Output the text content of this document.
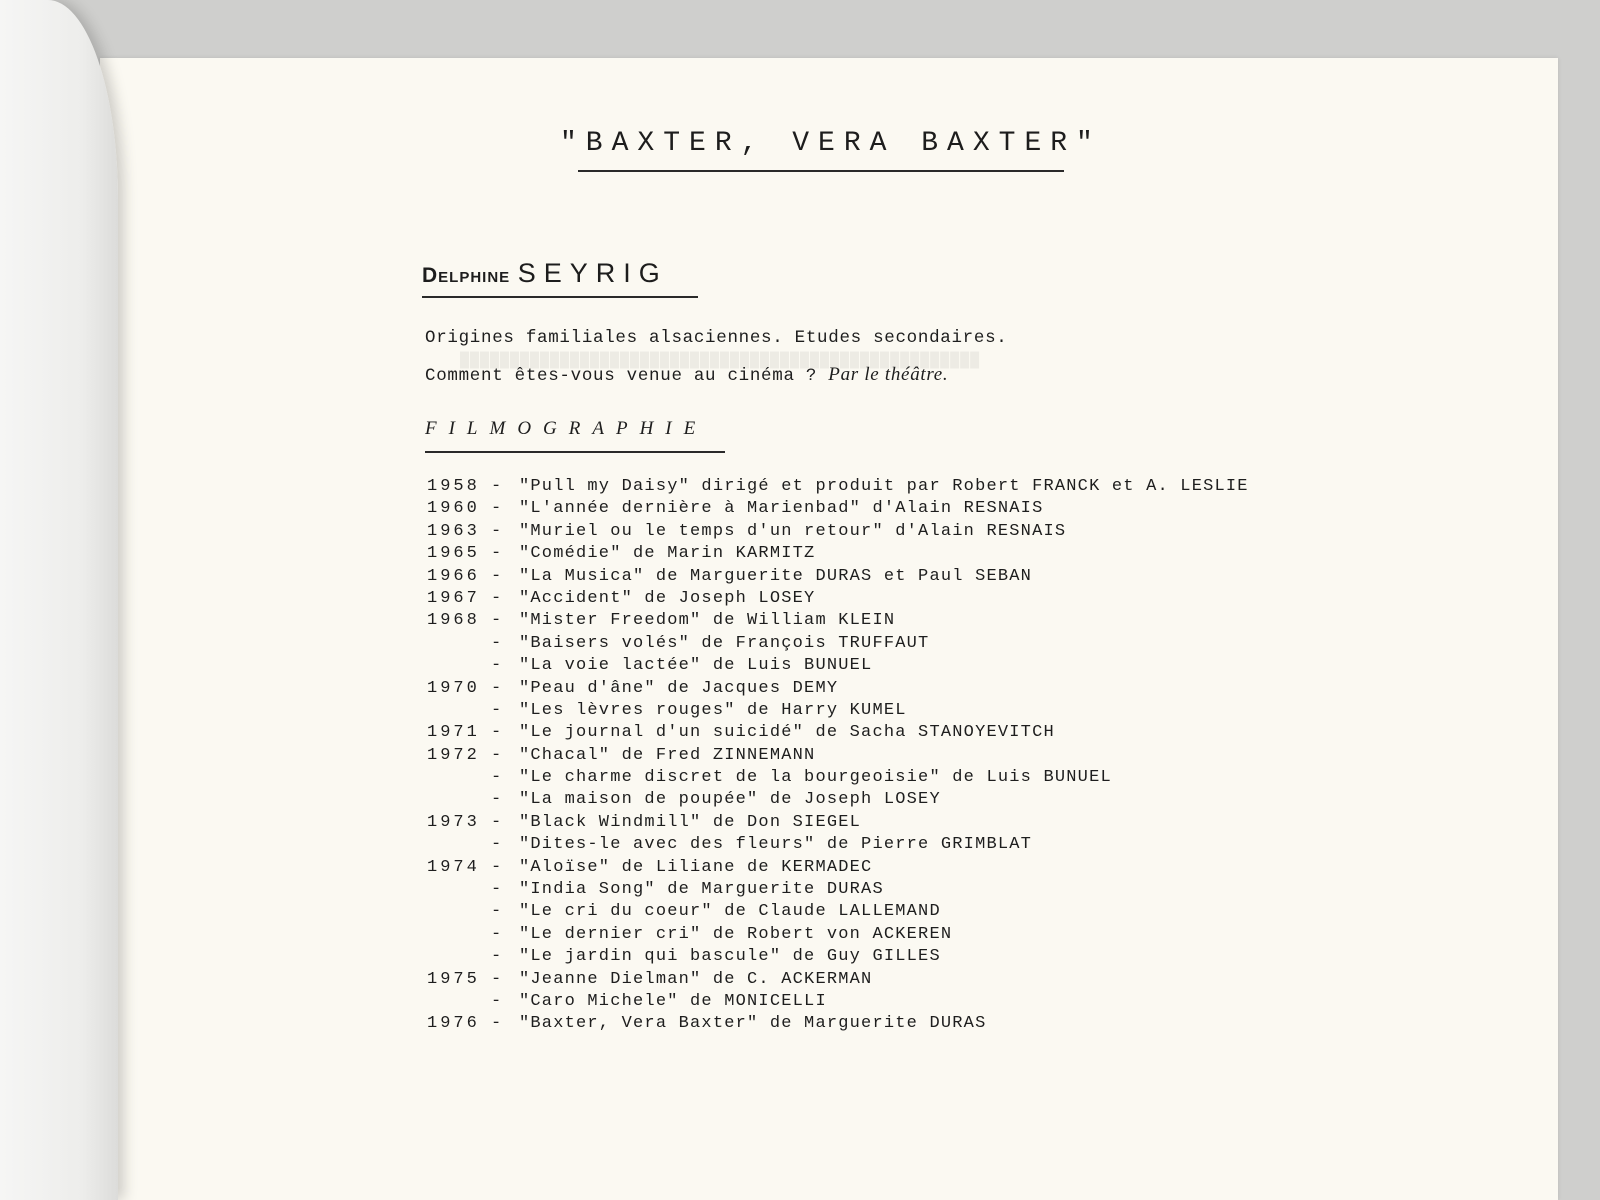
████████████████████████████████████████████████████
"BAXTER, VERA BAXTER"
Delphine SEYRIG
Origines familiales alsaciennes. Etudes secondaires.
Comment êtes-vous venue au cinéma ? Par le théâtre.
FILMOGRAPHIE
1958 - "Pull my Daisy" dirigé et produit par Robert FRANCK et A. LESLIE
1960 - "L'année dernière à Marienbad" d'Alain RESNAIS
1963 - "Muriel ou le temps d'un retour" d'Alain RESNAIS
1965 - "Comédie" de Marin KARMITZ
1966 - "La Musica" de Marguerite DURAS et Paul SEBAN
1967 - "Accident" de Joseph LOSEY
1968 - "Mister Freedom" de William KLEIN
- "Baisers volés" de François TRUFFAUT
- "La voie lactée" de Luis BUNUEL
1970 - "Peau d'âne" de Jacques DEMY
- "Les lèvres rouges" de Harry KUMEL
1971 - "Le journal d'un suicidé" de Sacha STANOYEVITCH
1972 - "Chacal" de Fred ZINNEMANN
- "Le charme discret de la bourgeoisie" de Luis BUNUEL
- "La maison de poupée" de Joseph LOSEY
1973 - "Black Windmill" de Don SIEGEL
- "Dites-le avec des fleurs" de Pierre GRIMBLAT
1974 - "Aloïse" de Liliane de KERMADEC
- "India Song" de Marguerite DURAS
- "Le cri du coeur" de Claude LALLEMAND
- "Le dernier cri" de Robert von ACKEREN
- "Le jardin qui bascule" de Guy GILLES
1975 - "Jeanne Dielman" de C. ACKERMAN
- "Caro Michele" de MONICELLI
1976 - "Baxter, Vera Baxter" de Marguerite DURAS
